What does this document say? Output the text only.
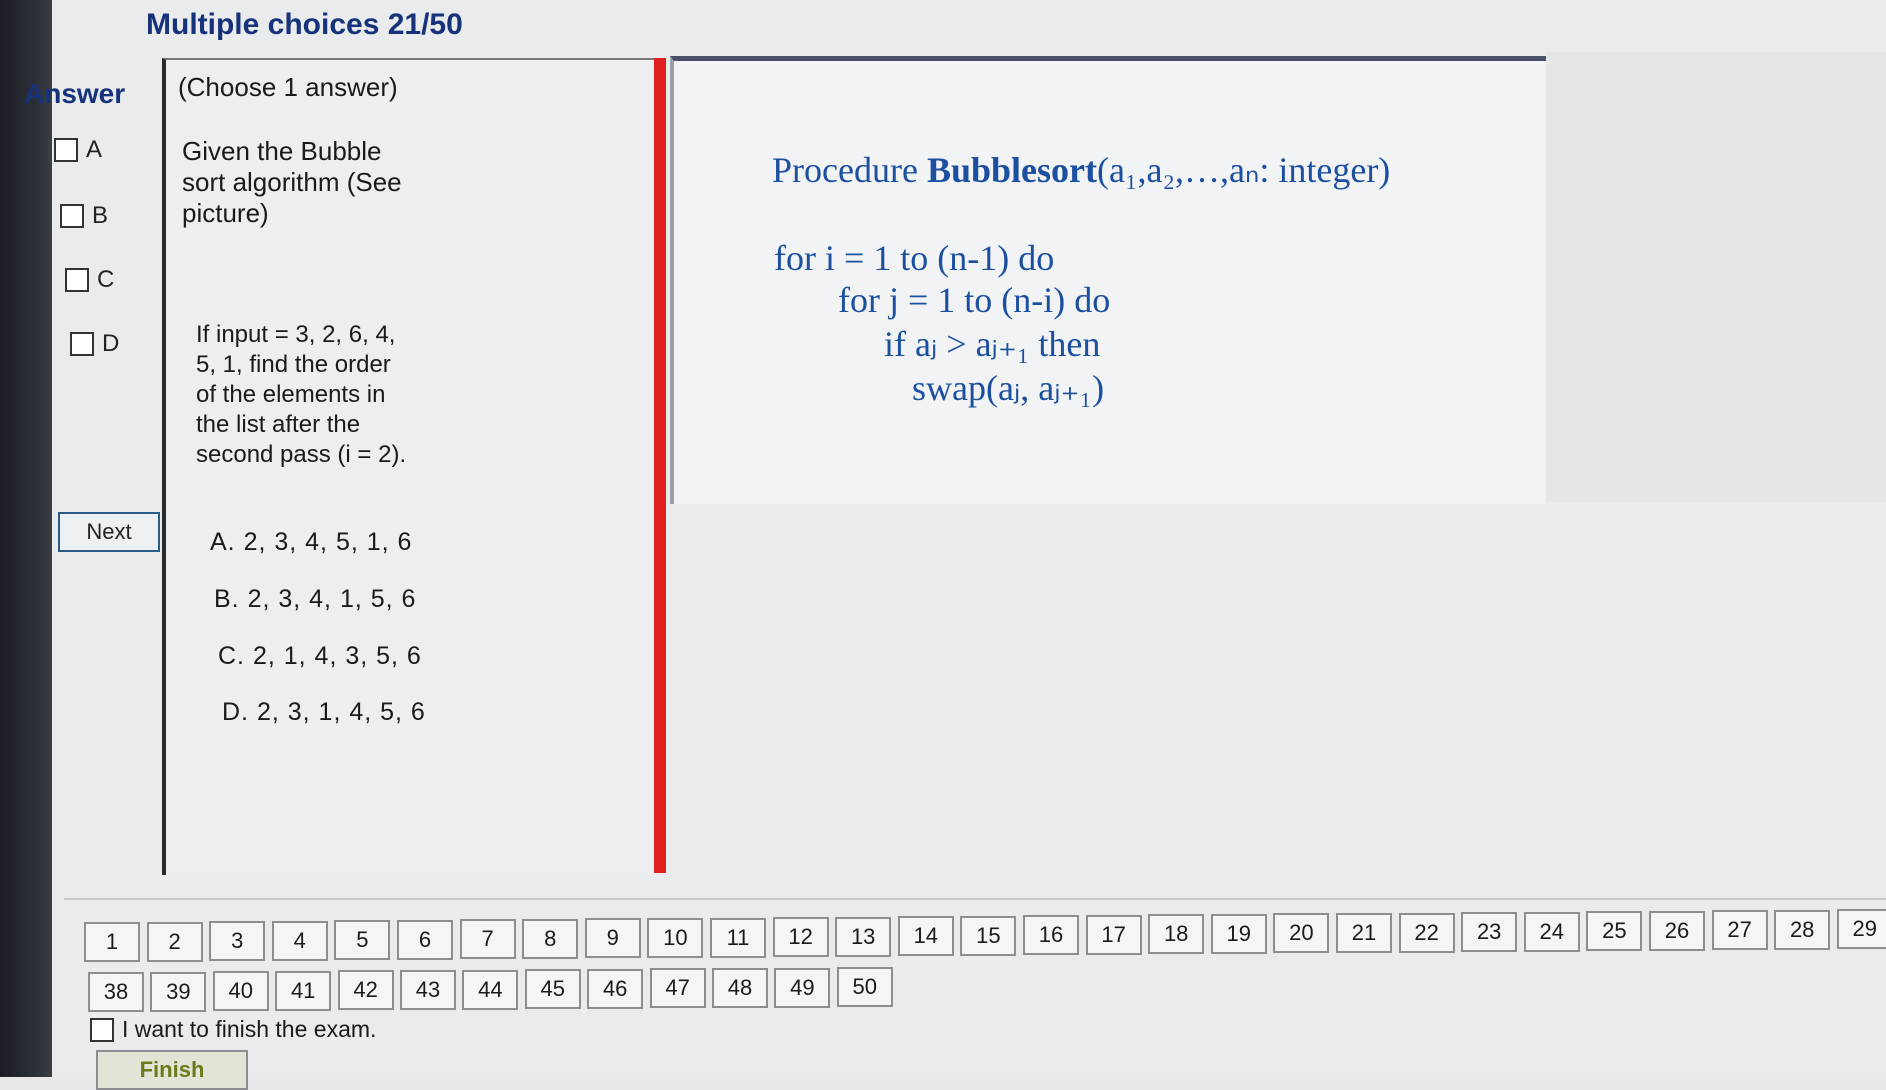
Multiple choices 21/50
Answer
A
B
C
D
Next
(Choose 1 answer)
Given the Bubble
sort algorithm (See
picture)
If input = 3, 2, 6, 4,
5, 1, find the order
of the elements in
the list after the
second pass (i = 2).
A. 2, 3, 4, 5, 1, 6
B. 2, 3, 4, 1, 5, 6
C. 2, 1, 4, 3, 5, 6
D. 2, 3, 1, 4, 5, 6
Procedure Bubblesort(a₁,a₂,…,aₙ: integer)
for i = 1 to (n-1) do
for j = 1 to (n-i) do
if aⱼ > aⱼ₊₁ then
swap(aⱼ, aⱼ₊₁)
1	2	3	4	5	6	7	8	9	10	11	12	13	14	15	16	17	18	19	20	21	22	23	24	25	26	27	28	29
38	39	40	41	42	43	44	45	46	47	48	49	50
I want to finish the exam.
Finish
